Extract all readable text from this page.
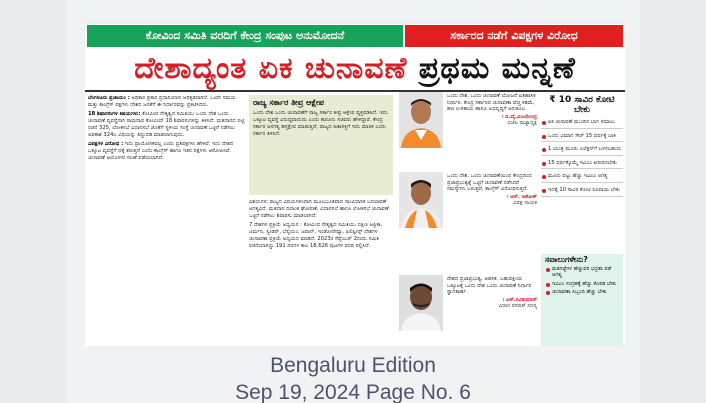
ಕೋವಿಂದ ಸಮಿತಿ ವರದಿಗೆ ಕೇಂದ್ರ ಸಂಪುಟ ಅನುಮೋದನೆ	ಸರ್ಕಾರದ ನಡೆಗೆ ವಿಪಕ್ಷಗಳ ವಿರೋಧ
ದೇಶಾದ್ಯಂತ ಏಕ ಚುನಾವಣೆ ಪ್ರಥಮ ಮನ್ನಣೆ

ಬೆಂಗಳೂರು ಪ್ರಜಾಯಂ : ಅಧಿಕಾರ ಪ್ರಕಾರ ಪ್ರಧಾನಿಯಾದ ಅಧಿಕೃತವಾಗಿದೆ. ಒಂದೇ ಸಮಯ ಮತ್ತು ಕಾಂಗ್ರೆಸ್ ಪಕ್ಷಗಳು ದೇಶದ ಜನತೆಗೆ ಈ ನಿರ್ಧಾರವನ್ನು ಪ್ರಕಟಿಸಿದರು.

18 ಶಿಫಾರಸುಗಳ ಕಿಷಯಗಳು: ಕೋವಿಂದ ನೇತೃತ್ವದ ಸಮಿತಿಯು ಒಂದು ದೇಶ ಒಂದು ಚುನಾವಣೆ ವ್ಯವಸ್ಥೆಗಾಗಿ ರಾಮನಾಥ ಕೋವಿಂದ್ 18 ಶಿಫಾರಸುಗಳನ್ನು ತಿಳಿಸಿದೆ. ಮತದಾನದ ಪಟ್ಟಿ ರಚನೆ 325, ಲೋಕಸಭೆ ವಿಧಾನಸಭೆ ಜೊತೆಗೆ ಸ್ಥಳೀಯ ಸಂಸ್ಥೆ ಚುನಾವಣೆ ಒಟ್ಟಿಗೆ ನಡೆಸಲು ಅವಕಾಶ 324ಎ ವಿಧಿಯನ್ನು ತಿದ್ದುಪಡಿ ಮಾಡಲಾಗುವುದು.

ವಿಪಕ್ಷಗಳ ವಿರೋಧ : ಇದು ಪ್ರಾಯೋಗಿಕವಲ್ಲ ಎಂದು ಪ್ರತಿಪಕ್ಷಗಳು ಹೇಳಿವೆ. ಇದು ದೇಶದ ಒಕ್ಕೂಟ ವ್ಯವಸ್ಥೆಗೆ ಧಕ್ಕೆ ತರುತ್ತದೆ ಎಂದು ಕಾಂಗ್ರೆಸ್ ಹಾಗೂ ಇತರ ಪಕ್ಷಗಳು ಆರೋಪಿಸಿವೆ. ಚುನಾವಣೆ ಆಯೋಗದ ಸಲಹೆ ಪಡೆಯಲಾಗಿದೆ.

ರಾಜ್ಯ ಸರ್ಕಾರ ತೀವ್ರ ಆಕ್ಷೇಪ
ಒಂದು ದೇಶ ಒಂದು ಚುನಾವಣೆಗೆ ರಾಜ್ಯ ಸರ್ಕಾರ ತೀವ್ರ ಆಕ್ಷೇಪ ವ್ಯಕ್ತಪಡಿಸಿದೆ. ಇದು ಒಕ್ಕೂಟ ವ್ಯವಸ್ಥೆ ವಿರುದ್ಧವಾದುದು ಎಂದು ಕಾನೂನು ಸಚಿವರು ಹೇಳಿದ್ದಾರೆ. ಕೇಂದ್ರ ಸರ್ಕಾರ ಅನಗತ್ಯ ಹಸ್ತಕ್ಷೇಪ ಮಾಡುತ್ತಿದೆ, ರಾಜ್ಯದ ಹಿತಾಸಕ್ತಿಗೆ ಇದು ಮಾರಕ ಎಂದು ಸರ್ಕಾರ ತಿಳಿಸಿದೆ.

ವಿಶಯಗಳು ರಾಜ್ಯದ ವಿಷಯಗಳಿಂದಾಗಿ ಮೂಲಭೂತವಾದ ಸಾಂವಿಧಾನಿಕ ಬದಲಾವಣೆ ಅಗತ್ಯವಿದೆ. ಮತದಾನ ದಿನಾಂಕ ಘೋಷಣೆ, ವಿಧಾನಸಭೆ ಹಾಗೂ ಲೋಕಸಭೆ ಚುನಾವಣೆ ಒಟ್ಟಿಗೆ ನಡೆಸಲು ಶಿಫಾರಸು ಮಾಡಲಾಗಿದೆ.

7 ದೇಶಗಳ ಪ್ರಕ್ರಿಯೆ ಅಧ್ಯಯನ : ಕೋವಿಂದ ನೇತೃತ್ವದ ಸಮಿತಿಯು ದಕ್ಷಿಣ ಆಫ್ರಿಕಾ, ಜರ್ಮನಿ, ಸ್ವೀಡನ್, ಬೆಲ್ಜಿಯಂ, ಜಪಾನ್, ಇಂಡೋನೇಷ್ಯಾ, ಫಿಲಿಪ್ಪೀನ್ಸ್ ದೇಶಗಳ ಚುನಾವಣಾ ಪ್ರಕ್ರಿಯೆ ಅಧ್ಯಯನ ಮಾಡಿದೆ. 2023ರ ಸೆಪ್ಟೆಂಬರ್ 2ರಂದು ಸಮಿತಿ ರಚನೆಯಾಗಿದ್ದು 191 ದಿನಗಳ ಕಾಲ 18,626 ಪುಟಗಳ ವರದಿ ಸಲ್ಲಿಸಿದೆ.

ಒಂದು ದೇಶ, ಒಂದು ಚುನಾವಣೆ ಯೋಜನೆ ಐತಿಹಾಸಿಕ ನಿರ್ಧಾರ. ಕೇಂದ್ರ ಸರ್ಕಾರದ ಚುನಾವಣಾ ವೆಚ್ಚ ಕಡಿಮೆ, ಹಣ ಉಳಿತಾಯ ಹಾಗೂ ಅಭಿವೃದ್ಧಿಗೆ ಅನುಕೂಲ.
। ಬಿ.ವೈ.ವಿಜಯೇಂದ್ರ
ಬಿಜೆಪಿ ರಾಜ್ಯಾಧ್ಯಕ್ಷ
ಒಂದು ದೇಶ, ಒಂದು ಚುನಾವಣೆಯಿಂದ ಕೇಂದ್ರದಿಂದ ಪ್ರಜಾಪ್ರಭುತ್ವಕ್ಕೆ ಒಟ್ಟಿಗೆ ಚುನಾವಣೆ ನಡೆಸಿದರೆ ಸಮಸ್ಯೆಗಳು ಬರುತ್ತವೆ, ಕಾಂಗ್ರೆಸ್ ವಿರೋಧಿಸುತ್ತದೆ.
। ಆರ್. ಅಶೋಕ್
ವಿಪಕ್ಷ ನಾಯಕ
ದೇಶದ ಪ್ರಜಾಪ್ರಭುತ್ವ, ಆಡಳಿತ, ಬಹುಪಕ್ಷೀಯ ಒಕ್ಕೂಟಕ್ಕೆ ಒಂದು ದೇಶ ಒಂದು ಚುನಾವಣೆ ನಿರ್ಧಾರ ಸ್ವಾಗತಾರ್ಹ.
। ಎಸ್.ರವಿಕುಮಾರ್
ವಿಧಾನ ಪರಿಷತ್ ಸದಸ್ಯ
₹ 10 ಸಾವಿರ ಕೋಟಿ ಬೇಕು
ಏಕ ಚುನಾವಣೆ ಮುಂದಿನ ಭಾಗ ಸಮಾಲು
ಒಂದು ವಿಮಾನ ಸೇರ್ 15 ವರ್ಷಕ್ಕೆ ಬಾಕಿ
1 ಯಂತ್ರ ಮೂರು ಎಲೆಕ್ಷನ್‌ಗೆ ಬಳಸಬಹುದು
15 ವರ್ಷಕ್ಕೊಮ್ಮೆ ಇವಿಎಂ ಖರೀದಿಸಬೇಕು
ಮೂರು ಪಟ್ಟು ಹೆಚ್ಚು ಇವಿಎಂ ಅಗತ್ಯ
ಇದಕ್ಕೆ 10 ಸಾವಿರ ಕೋಟಿ ರೂಪಾಯಿ ಬೇಕು
ಸವಾಲುಗಳೇನು?
ಮತಗಟ್ಟೆಗಳ ಹೆಚ್ಚುವರಿ ಭದ್ರತಾ ಪಡೆ ಅಗತ್ಯ
ಇವಿಎಂ ಸಂಗ್ರಹಕ್ಕೆ ಹೆಚ್ಚು ಕೊಠಡಿ ಬೇಕು
ಚುನಾವಣಾ ಸಿಬ್ಬಂದಿ ಹೆಚ್ಚು ಬೇಕು
Bengaluru Edition
Sep 19, 2024 Page No. 6
